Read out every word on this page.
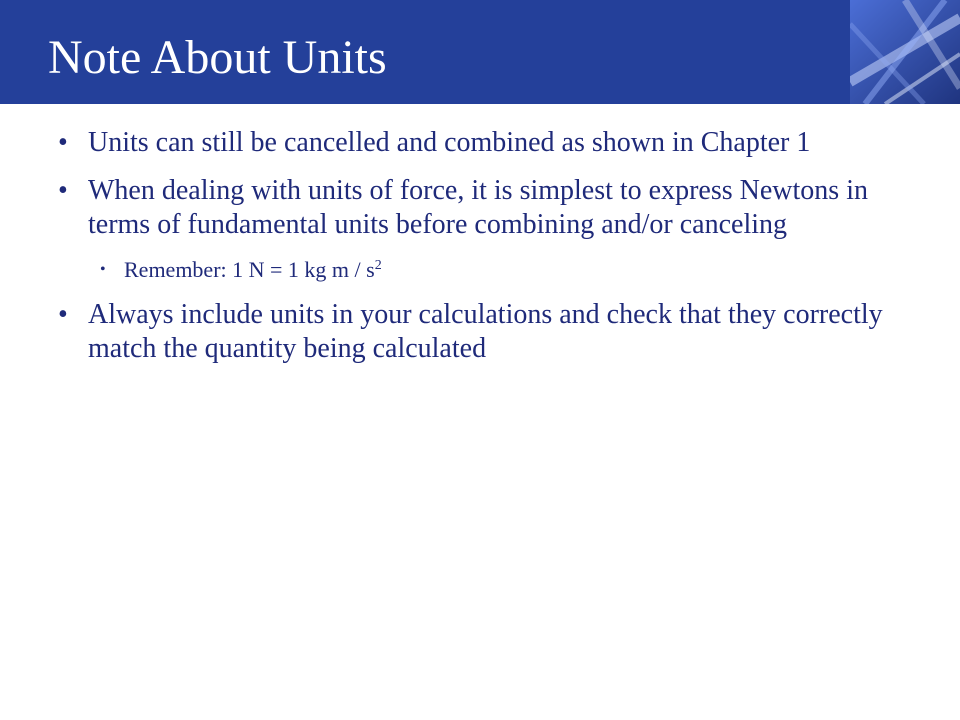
Note About Units
• Units can still be cancelled and combined as shown in Chapter 1
• When dealing with units of force, it is simplest to express Newtons in terms of fundamental units before combining and/or canceling
• Remember: 1 N = 1 kg m / $s^2$
• Always include units in your calculations and check that they correctly match the quantity being calculated
